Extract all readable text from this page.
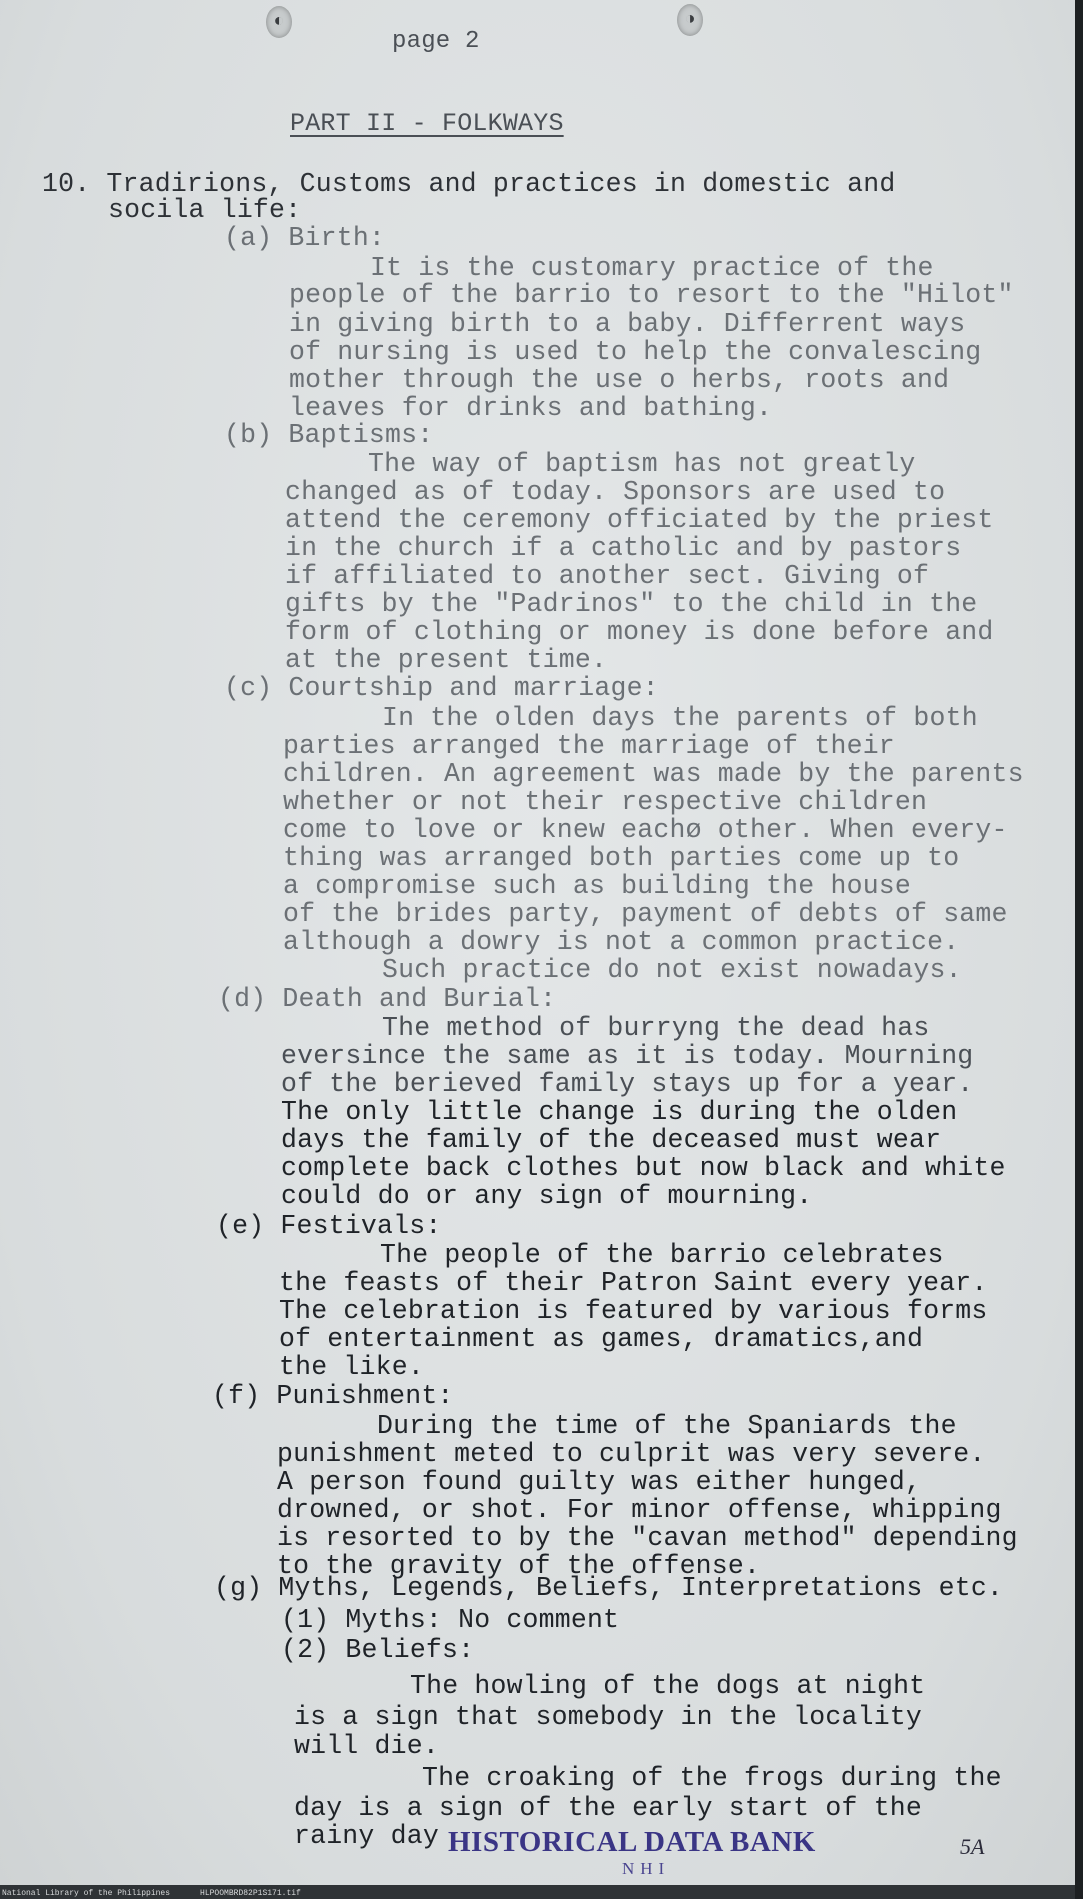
◐	◑
page 2
PART II - FOLKWAYS
10. Tradirions, Customs and practices in domestic and
socila life:
(a) Birth:
It is the customary practice of the
people of the barrio to resort to the "Hilot"
in giving birth to a baby. Differrent ways
of nursing is used to help the convalescing
mother through the use o herbs, roots and
leaves for drinks and bathing.
(b) Baptisms:
The way of baptism has not greatly
changed as of today. Sponsors are used to
attend the ceremony officiated by the priest
in the church if a catholic and by pastors
if affiliated to another sect. Giving of
gifts by the "Padrinos" to the child in the
form of clothing or money is done before and
at the present time.
(c) Courtship and marriage:
In the olden days the parents of both
parties arranged the marriage of their
children. An agreement was made by the parents
whether or not their respective children
come to love or knew eachø other. When every-
thing was arranged both parties come up to
a compromise such as building the house
of the brides party, payment of debts of same
although a dowry is not a common practice.
Such practice do not exist nowadays.
(d) Death and Burial:
The method of burryng the dead has
eversince the same as it is today. Mourning
of the berieved family stays up for a year.
The only little change is during the olden
days the family of the deceased must wear
complete back clothes but now black and white
could do or any sign of mourning.
(e) Festivals:
The people of the barrio celebrates
the feasts of their Patron Saint every year.
The celebration is featured by various forms
of entertainment as games, dramatics,and
the like.
(f) Punishment:
During the time of the Spaniards the
punishment meted to culprit was very severe.
A person found guilty was either hunged,
drowned, or shot. For minor offense, whipping
is resorted to by the "cavan method" depending
to the gravity of the offense.
(g) Myths, Legends, Beliefs, Interpretations etc.
(1) Myths: No comment
(2) Beliefs:
The howling of the dogs at night
is a sign that somebody in the locality
will die.
The croaking of the frogs during the
day is a sign of the early start of the
rainy day HISTORICAL DATA BANK
NHI
5A
National Library of the Philippines	HLPOOMBRD82P1S171.tif
